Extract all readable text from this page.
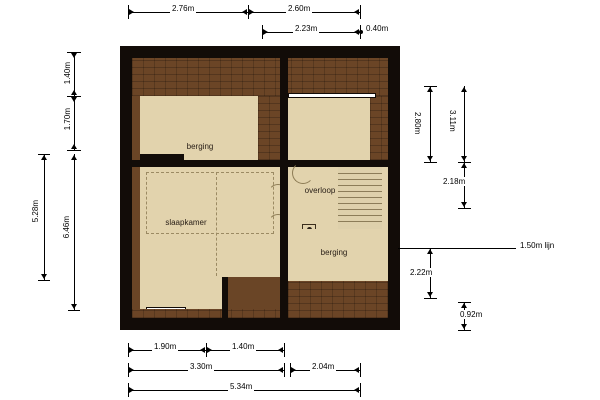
2.76m	2.60m
2.23m	0.40m
1.40m
1.70m
5.28m
6.46m
berging
slaapkamer
overloop
berging
2.80m
2.18m
3.11m
2.22m
0.92m
1.50m lijn
1.90m	1.40m
3.30m	2.04m
5.34m
